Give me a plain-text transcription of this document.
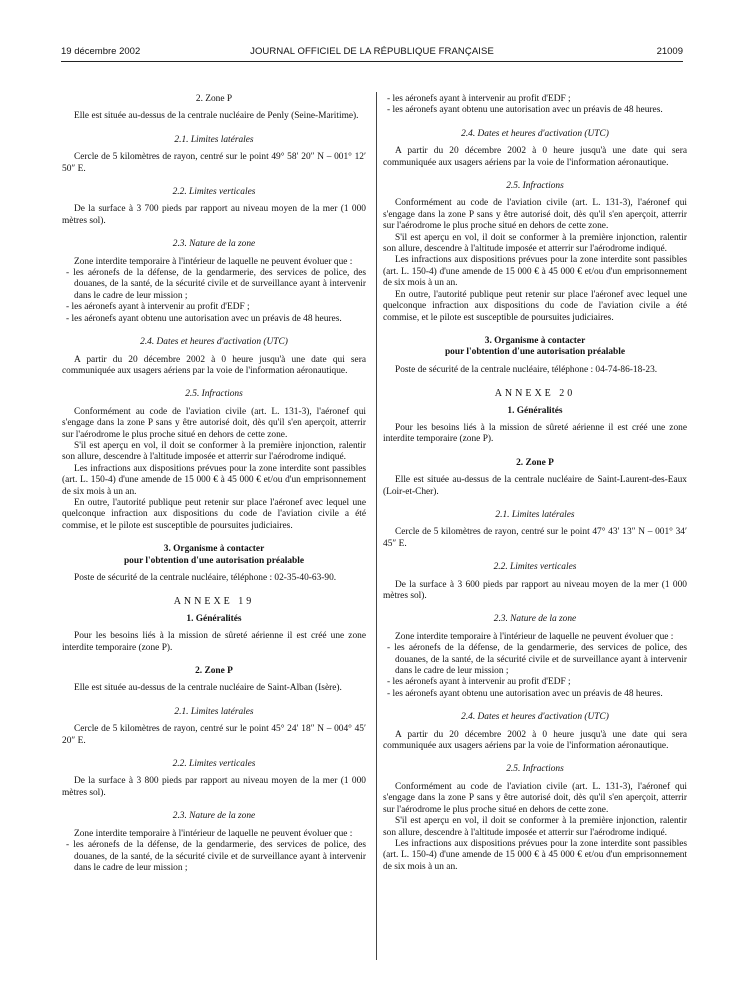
19 décembre 2002	JOURNAL OFFICIEL DE LA RÉPUBLIQUE FRANÇAISE	21009
2. Zone P

Elle est située au-dessus de la centrale nucléaire de Penly (Seine-Maritime).

2.1. Limites latérales

Cercle de 5 kilomètres de rayon, centré sur le point 49° 58′ 20″ N – 001° 12′ 50″ E.

2.2. Limites verticales

De la surface à 3 700 pieds par rapport au niveau moyen de la mer (1 000 mètres sol).

2.3. Nature de la zone

Zone interdite temporaire à l'intérieur de laquelle ne peuvent évoluer que :

- les aéronefs de la défense, de la gendarmerie, des services de police, des douanes, de la santé, de la sécurité civile et de surveillance ayant à intervenir dans le cadre de leur mission ;
- les aéronefs ayant à intervenir au profit d'EDF ;
- les aéronefs ayant obtenu une autorisation avec un préavis de 48 heures.
2.4. Dates et heures d'activation (UTC)

A partir du 20 décembre 2002 à 0 heure jusqu'à une date qui sera communiquée aux usagers aériens par la voie de l'information aéronautique.

2.5. Infractions

Conformément au code de l'aviation civile (art. L. 131-3), l'aéronef qui s'engage dans la zone P sans y être autorisé doit, dès qu'il s'en aperçoit, atterrir sur l'aérodrome le plus proche situé en dehors de cette zone.

S'il est aperçu en vol, il doit se conformer à la première injonction, ralentir son allure, descendre à l'altitude imposée et atterrir sur l'aérodrome indiqué.

Les infractions aux dispositions prévues pour la zone interdite sont passibles (art. L. 150-4) d'une amende de 15 000 € à 45 000 € et/ou d'un emprisonnement de six mois à un an.

En outre, l'autorité publique peut retenir sur place l'aéronef avec lequel une quelconque infraction aux dispositions du code de l'aviation civile a été commise, et le pilote est susceptible de poursuites judiciaires.

3. Organisme à contacter
pour l'obtention d'une autorisation préalable

Poste de sécurité de la centrale nucléaire, téléphone : 02-35-40-63-90.

ANNEXE 19
1. Généralités

Pour les besoins liés à la mission de sûreté aérienne il est créé une zone interdite temporaire (zone P).

2. Zone P

Elle est située au-dessus de la centrale nucléaire de Saint-Alban (Isère).

2.1. Limites latérales

Cercle de 5 kilomètres de rayon, centré sur le point 45° 24′ 18″ N – 004° 45′ 20″ E.

2.2. Limites verticales

De la surface à 3 800 pieds par rapport au niveau moyen de la mer (1 000 mètres sol).

2.3. Nature de la zone

Zone interdite temporaire à l'intérieur de laquelle ne peuvent évoluer que :

- les aéronefs de la défense, de la gendarmerie, des services de police, des douanes, de la santé, de la sécurité civile et de surveillance ayant à intervenir dans le cadre de leur mission ;
- les aéronefs ayant à intervenir au profit d'EDF ;
- les aéronefs ayant obtenu une autorisation avec un préavis de 48 heures.
2.4. Dates et heures d'activation (UTC)

A partir du 20 décembre 2002 à 0 heure jusqu'à une date qui sera communiquée aux usagers aériens par la voie de l'information aéronautique.

2.5. Infractions

Conformément au code de l'aviation civile (art. L. 131-3), l'aéronef qui s'engage dans la zone P sans y être autorisé doit, dès qu'il s'en aperçoit, atterrir sur l'aérodrome le plus proche situé en dehors de cette zone.

S'il est aperçu en vol, il doit se conformer à la première injonction, ralentir son allure, descendre à l'altitude imposée et atterrir sur l'aérodrome indiqué.

Les infractions aux dispositions prévues pour la zone interdite sont passibles (art. L. 150-4) d'une amende de 15 000 € à 45 000 € et/ou d'un emprisonnement de six mois à un an.

En outre, l'autorité publique peut retenir sur place l'aéronef avec lequel une quelconque infraction aux dispositions du code de l'aviation civile a été commise, et le pilote est susceptible de poursuites judiciaires.

3. Organisme à contacter
pour l'obtention d'une autorisation préalable

Poste de sécurité de la centrale nucléaire, téléphone : 04-74-86-18-23.

ANNEXE 20
1. Généralités

Pour les besoins liés à la mission de sûreté aérienne il est créé une zone interdite temporaire (zone P).

2. Zone P

Elle est située au-dessus de la centrale nucléaire de Saint-Laurent-des-Eaux (Loir-et-Cher).

2.1. Limites latérales

Cercle de 5 kilomètres de rayon, centré sur le point 47° 43′ 13″ N – 001° 34′ 45″ E.

2.2. Limites verticales

De la surface à 3 600 pieds par rapport au niveau moyen de la mer (1 000 mètres sol).

2.3. Nature de la zone

Zone interdite temporaire à l'intérieur de laquelle ne peuvent évoluer que :

- les aéronefs de la défense, de la gendarmerie, des services de police, des douanes, de la santé, de la sécurité civile et de surveillance ayant à intervenir dans le cadre de leur mission ;
- les aéronefs ayant à intervenir au profit d'EDF ;
- les aéronefs ayant obtenu une autorisation avec un préavis de 48 heures.
2.4. Dates et heures d'activation (UTC)

A partir du 20 décembre 2002 à 0 heure jusqu'à une date qui sera communiquée aux usagers aériens par la voie de l'information aéronautique.

2.5. Infractions

Conformément au code de l'aviation civile (art. L. 131-3), l'aéronef qui s'engage dans la zone P sans y être autorisé doit, dès qu'il s'en aperçoit, atterrir sur l'aérodrome le plus proche situé en dehors de cette zone.

S'il est aperçu en vol, il doit se conformer à la première injonction, ralentir son allure, descendre à l'altitude imposée et atterrir sur l'aérodrome indiqué.

Les infractions aux dispositions prévues pour la zone interdite sont passibles (art. L. 150-4) d'une amende de 15 000 € à 45 000 € et/ou d'un emprisonnement de six mois à un an.
